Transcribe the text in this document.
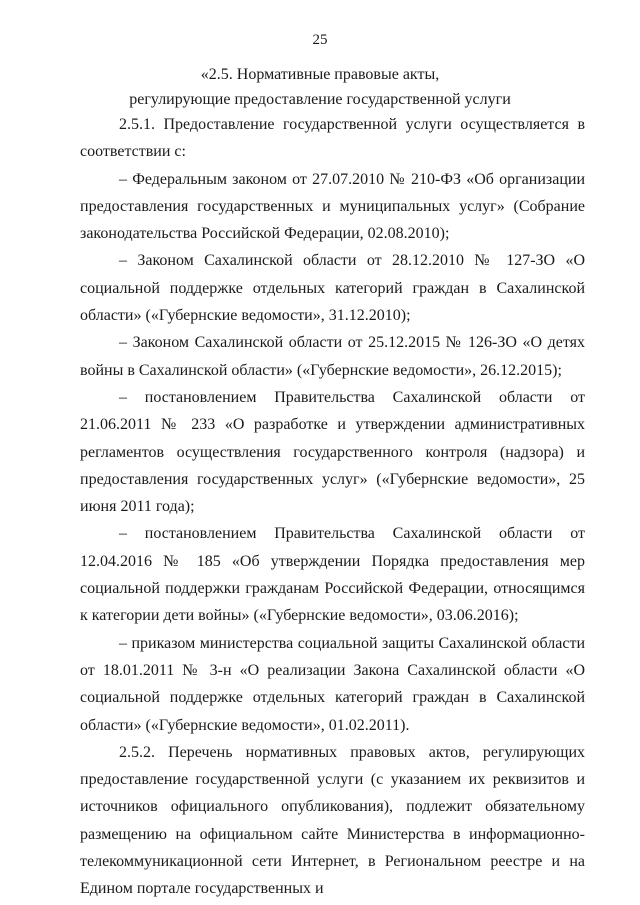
25
«2.5. Нормативные правовые акты,
регулирующие предоставление государственной услуги

2.5.1. Предоставление государственной услуги осуществляется в соответствии с:

– Федеральным законом от 27.07.2010 № 210-ФЗ «Об организации предоставления государственных и муниципальных услуг» (Собрание законодательства Российской Федерации, 02.08.2010);

– Законом Сахалинской области от 28.12.2010 № 127-ЗО «О социальной поддержке отдельных категорий граждан в Сахалинской области» («Губернские ведомости», 31.12.2010);

– Законом Сахалинской области от 25.12.2015 № 126-ЗО «О детях войны в Сахалинской области» («Губернские ведомости», 26.12.2015);

– постановлением Правительства Сахалинской области от 21.06.2011 № 233 «О разработке и утверждении административных регламентов осуществления государственного контроля (надзора) и предоставления государственных услуг» («Губернские ведомости», 25 июня 2011 года);

– постановлением Правительства Сахалинской области от 12.04.2016 № 185 «Об утверждении Порядка предоставления мер социальной поддержки гражданам Российской Федерации, относящимся к категории дети войны» («Губернские ведомости», 03.06.2016);

– приказом министерства социальной защиты Сахалинской области от 18.01.2011 № 3-н «О реализации Закона Сахалинской области «О социальной поддержке отдельных категорий граждан в Сахалинской области» («Губернские ведомости», 01.02.2011).

2.5.2. Перечень нормативных правовых актов, регулирующих предоставление государственной услуги (с указанием их реквизитов и источников официального опубликования), подлежит обязательному размещению на официальном сайте Министерства в информационно-телекоммуникационной сети Интернет, в Региональном реестре и на Едином портале государственных и
